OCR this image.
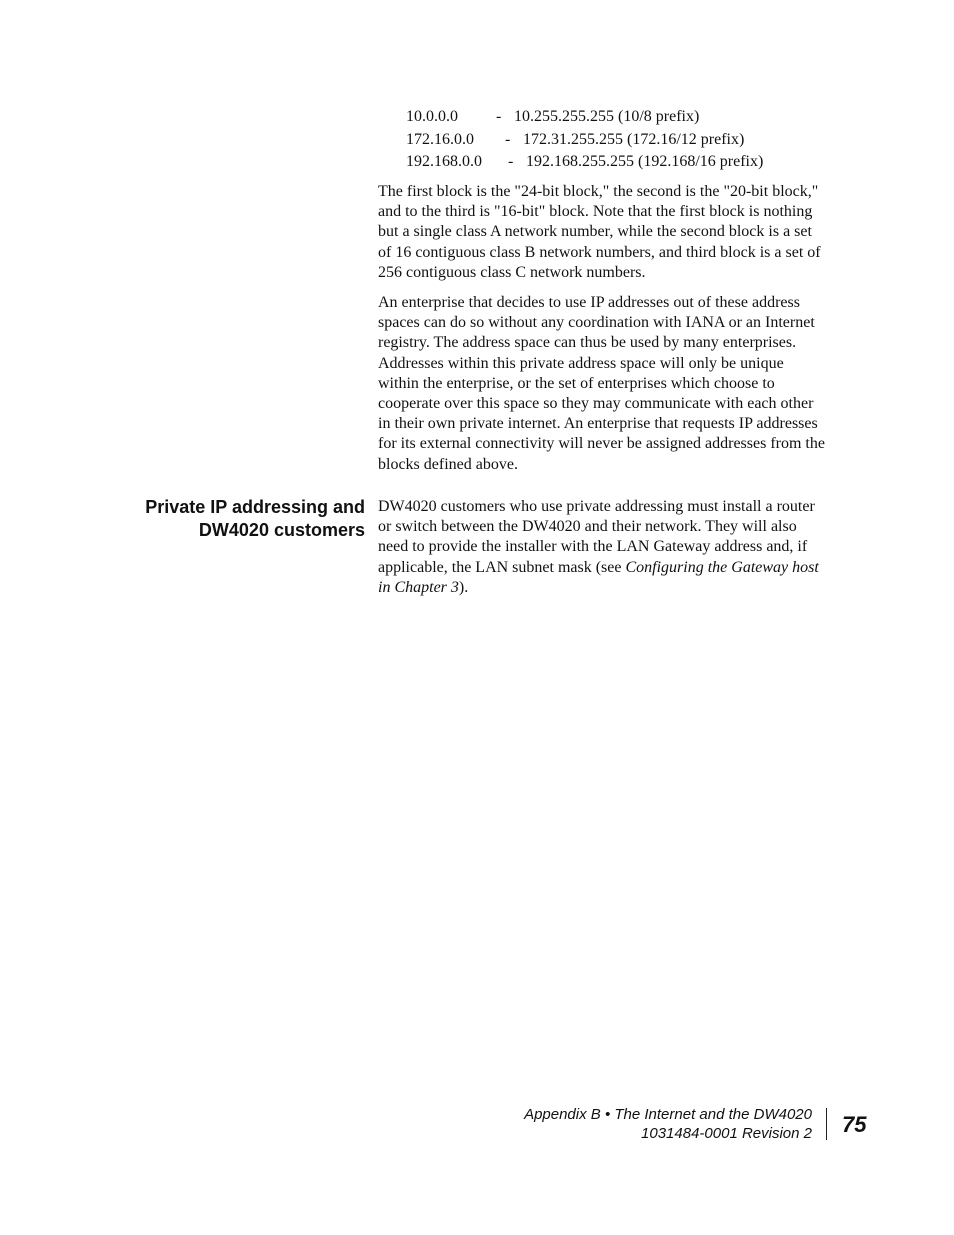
10.0.0.0 - 10.255.255.255 (10/8 prefix)
172.16.0.0 - 172.31.255.255 (172.16/12 prefix)
192.168.0.0 - 192.168.255.255 (192.168/16 prefix)

The first block is the "24-bit block," the second is the "20-bit block," and to the third is "16-bit" block. Note that the first block is nothing but a single class A network number, while the second block is a set of 16 contiguous class B network numbers, and third block is a set of 256 contiguous class C network numbers.

An enterprise that decides to use IP addresses out of these address spaces can do so without any coordination with IANA or an Internet registry. The address space can thus be used by many enterprises. Addresses within this private address space will only be unique within the enterprise, or the set of enterprises which choose to cooperate over this space so they may communicate with each other in their own private internet. An enterprise that requests IP addresses for its external connectivity will never be assigned addresses from the blocks defined above.

Private IP addressing and
DW4020 customers

DW4020 customers who use private addressing must install a router or switch between the DW4020 and their network. They will also need to provide the installer with the LAN Gateway address and, if applicable, the LAN subnet mask (see Configuring the Gateway host in Chapter 3).

Appendix B • The Internet and the DW4020
1031484-0001 Revision 2 75
